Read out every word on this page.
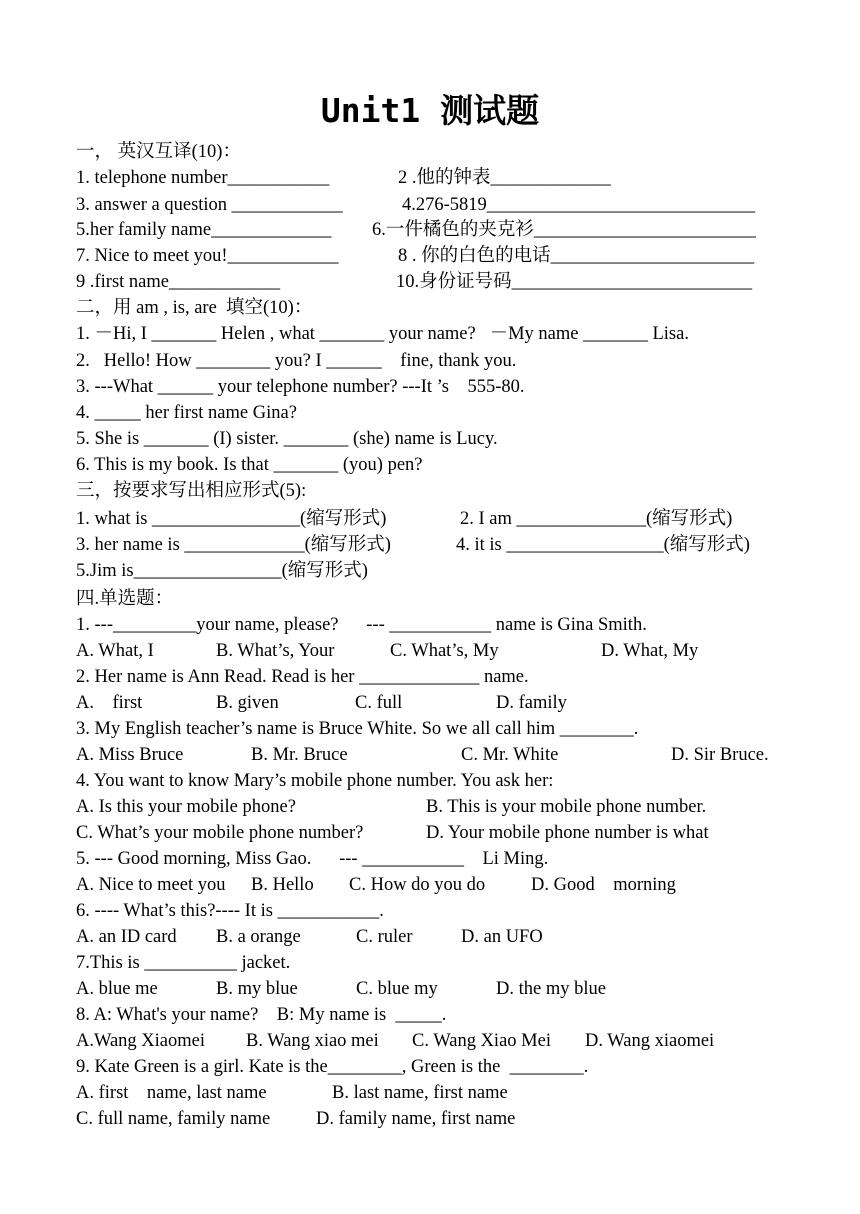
Unit1 测试题
一， 英汉互译(10)：
1. telephone number___________	2 .他的钟表_____________
3. answer a question ____________	4.276-5819_____________________________
5.her family name_____________ 6.一件橘色的夹克衫________________________
7. Nice to meet you!____________	8 . 你的白色的电话______________________
9 .first name____________	10.身份证号码__________________________
二，用 am , is, are  填空(10)：
1. －Hi, I _______ Helen , what _______ your name?   －My name _______ Lisa.
2.   Hello! How ________ you? I ______    fine, thank you.
3. ---What ______ your telephone number? ---It ’s    555-80.
4. _____ her first name Gina?
5. She is _______ (I) sister. _______ (she) name is Lucy.
6. This is my book. Is that _______ (you) pen?
三，按要求写出相应形式(5):
1. what is ________________(缩写形式)	2. I am ______________(缩写形式)
3. her name is _____________(缩写形式)	4. it is _________________(缩写形式)
5.Jim is________________(缩写形式)
四.单选题：
1. ---_________your name, please?      --- ___________ name is Gina Smith.
A. What, I	B. What’s, Your	C. What’s, My	D. What, My
2. Her name is Ann Read. Read is her _____________ name.
A.    first	B. given	C. full	D. family
3. My English teacher’s name is Bruce White. So we all call him ________.
A. Miss Bruce	B. Mr. Bruce	C. Mr. White	D. Sir Bruce.
4. You want to know Mary’s mobile phone number. You ask her:
A. Is this your mobile phone?	B. This is your mobile phone number.
C. What’s your mobile phone number?	D. Your mobile phone number is what
5. --- Good morning, Miss Gao.      --- ___________    Li Ming.
A. Nice to meet you B. Hello C. How do you do D. Good    morning
6. ---- What’s this?---- It is ___________.
A. an ID card B. a orange	C. ruler	D. an UFO
7.This is __________ jacket.
A. blue me	B. my blue	C. blue my	D. the my blue
8. A: What's your name?    B: My name is  _____.
A.Wang Xiaomei B. Wang xiao mei C. Wang Xiao Mei D. Wang xiaomei
9. Kate Green is a girl. Kate is the________, Green is the  ________.
A. first    name, last name	B. last name, first name
C. full name, family name D. family name, first name
